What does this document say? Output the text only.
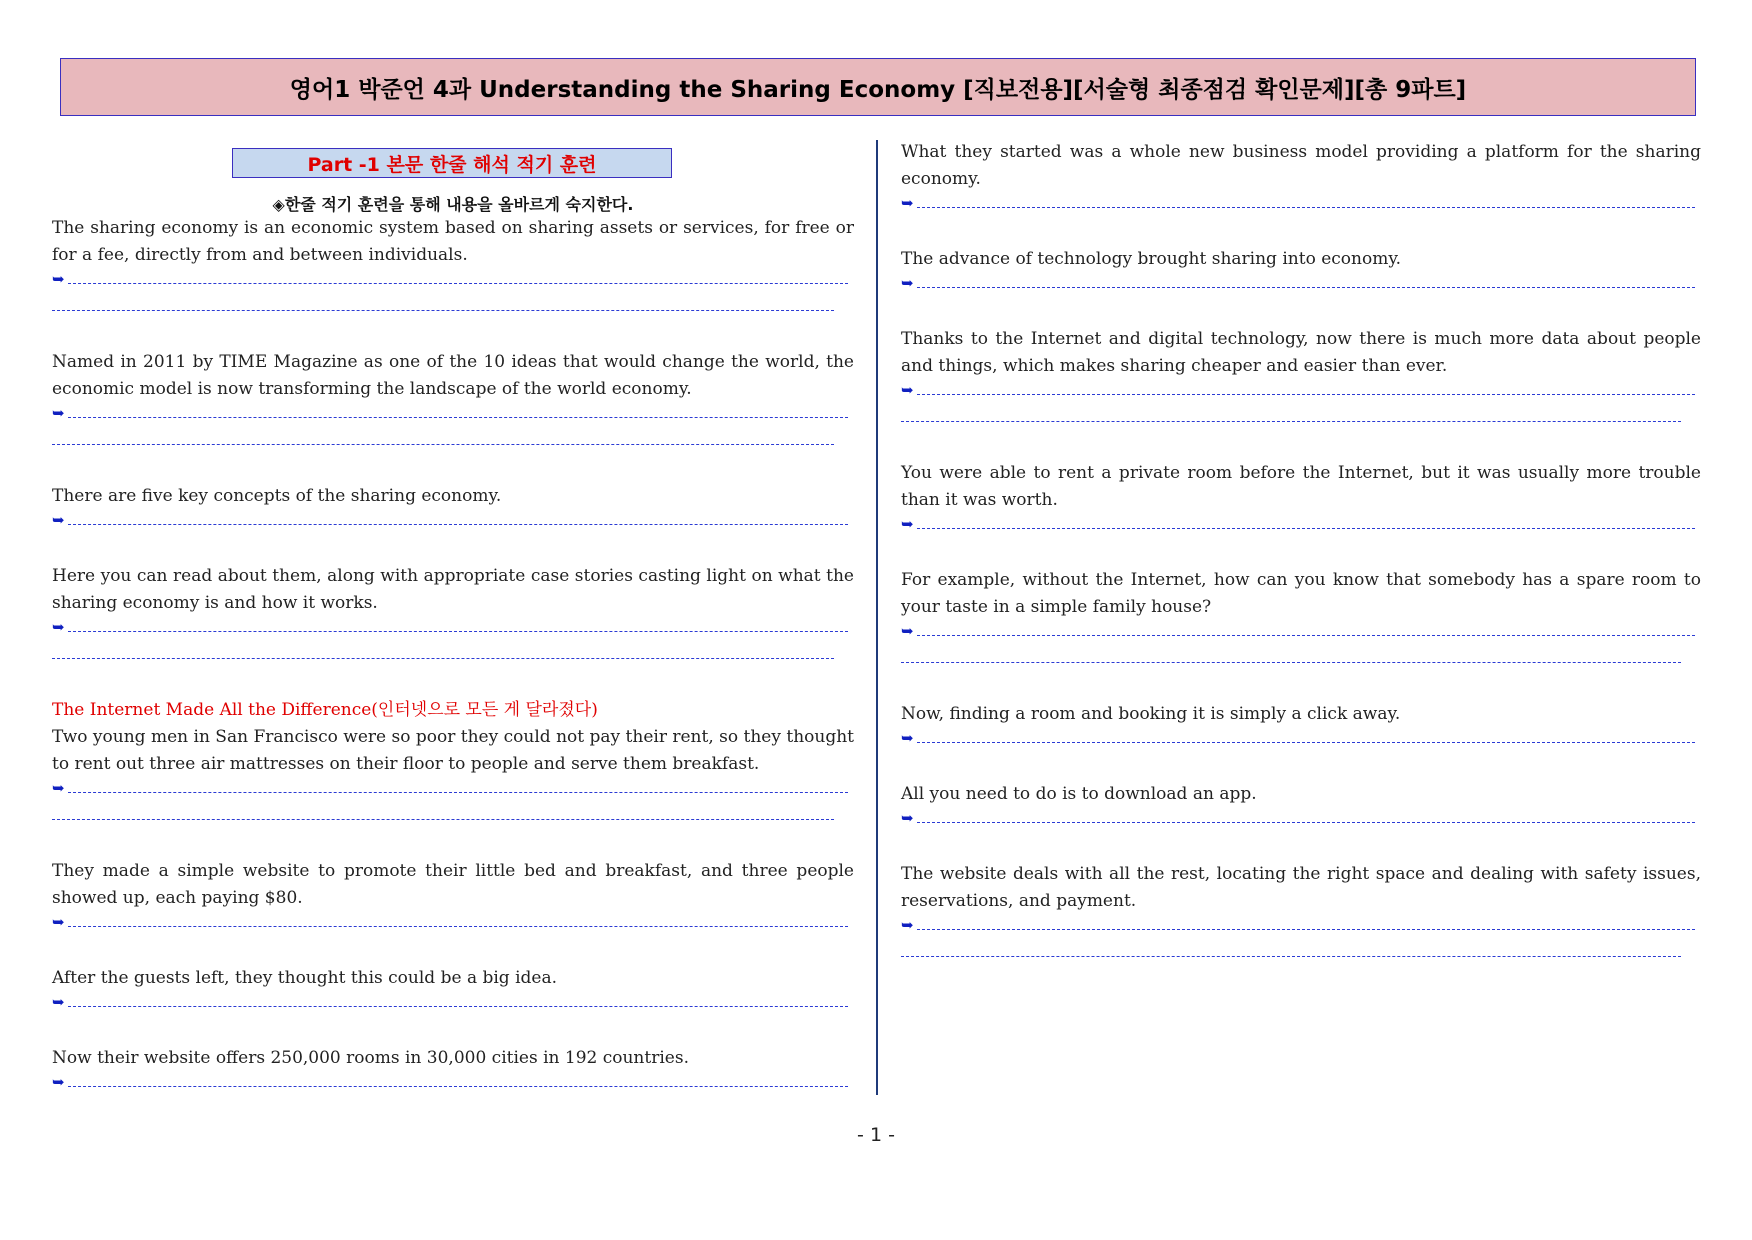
영어1 박준언 4과 Understanding the Sharing Economy [직보전용][서술형 최종점검 확인문제][총 9파트]
Part -1 본문 한줄 해석 적기 훈련
◈한줄 적기 훈련을 통해 내용을 올바르게 숙지한다.

The sharing economy is an economic system based on sharing assets or services, for free or for a fee, directly from and between individuals.

➥

Named in 2011 by TIME Magazine as one of the 10 ideas that would change the world, the economic model is now transforming the landscape of the world economy.

➥

There are five key concepts of the sharing economy.

➥

Here you can read about them, along with appropriate case stories casting light on what the sharing economy is and how it works.

➥

The Internet Made All the Difference(인터넷으로 모든 게 달라졌다)

Two young men in San Francisco were so poor they could not pay their rent, so they thought to rent out three air mattresses on their floor to people and serve them breakfast.

➥

They made a simple website to promote their little bed and breakfast, and three people showed up, each paying $80.

➥

After the guests left, they thought this could be a big idea.

➥

Now their website offers 250,000 rooms in 30,000 cities in 192 countries.

➥

What they started was a whole new business model providing a platform for the sharing economy.

➥

The advance of technology brought sharing into economy.

➥

Thanks to the Internet and digital technology, now there is much more data about people and things, which makes sharing cheaper and easier than ever.

➥

You were able to rent a private room before the Internet, but it was usually more trouble than it was worth.

➥

For example, without the Internet, how can you know that somebody has a spare room to your taste in a simple family house?

➥

Now, finding a room and booking it is simply a click away.

➥

All you need to do is to download an app.

➥

The website deals with all the rest, locating the right space and dealing with safety issues, reservations, and payment.

➥
- 1 -
